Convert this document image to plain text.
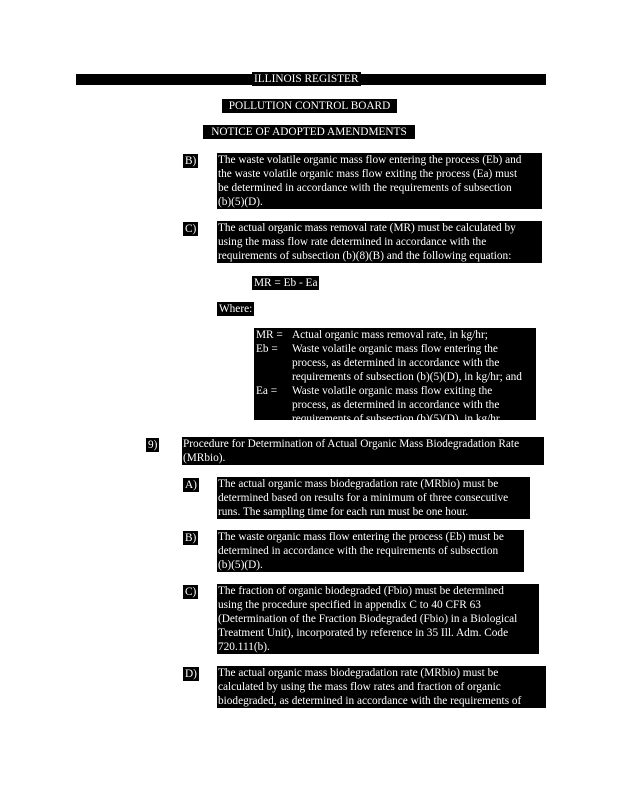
ILLINOIS REGISTER
POLLUTION CONTROL BOARD
NOTICE OF ADOPTED AMENDMENTS
B) The waste volatile organic mass flow entering the process (Eb) and
the waste volatile organic mass flow exiting the process (Ea) must
be determined in accordance with the requirements of subsection
(b)(5)(D).
C) The actual organic mass removal rate (MR) must be calculated by
using the mass flow rate determined in accordance with the
requirements of subsection (b)(8)(B) and the following equation:
MR = Eb - Ea
Where:
MR = Actual organic mass removal rate, in kg/hr;
Eb = Waste volatile organic mass flow entering the
process, as determined in accordance with the
requirements of subsection (b)(5)(D), in kg/hr; and
Ea = Waste volatile organic mass flow exiting the
process, as determined in accordance with the
requirements of subsection (b)(5)(D), in kg/hr.
9) Procedure for Determination of Actual Organic Mass Biodegradation Rate
(MRbio).
A) The actual organic mass biodegradation rate (MRbio) must be
determined based on results for a minimum of three consecutive
runs. The sampling time for each run must be one hour.
B) The waste organic mass flow entering the process (Eb) must be
determined in accordance with the requirements of subsection
(b)(5)(D).
C) The fraction of organic biodegraded (Fbio) must be determined
using the procedure specified in appendix C to 40 CFR 63
(Determination of the Fraction Biodegraded (Fbio) in a Biological
Treatment Unit), incorporated by reference in 35 Ill. Adm. Code
720.111(b).
D) The actual organic mass biodegradation rate (MRbio) must be
calculated by using the mass flow rates and fraction of organic
biodegraded, as determined in accordance with the requirements of
